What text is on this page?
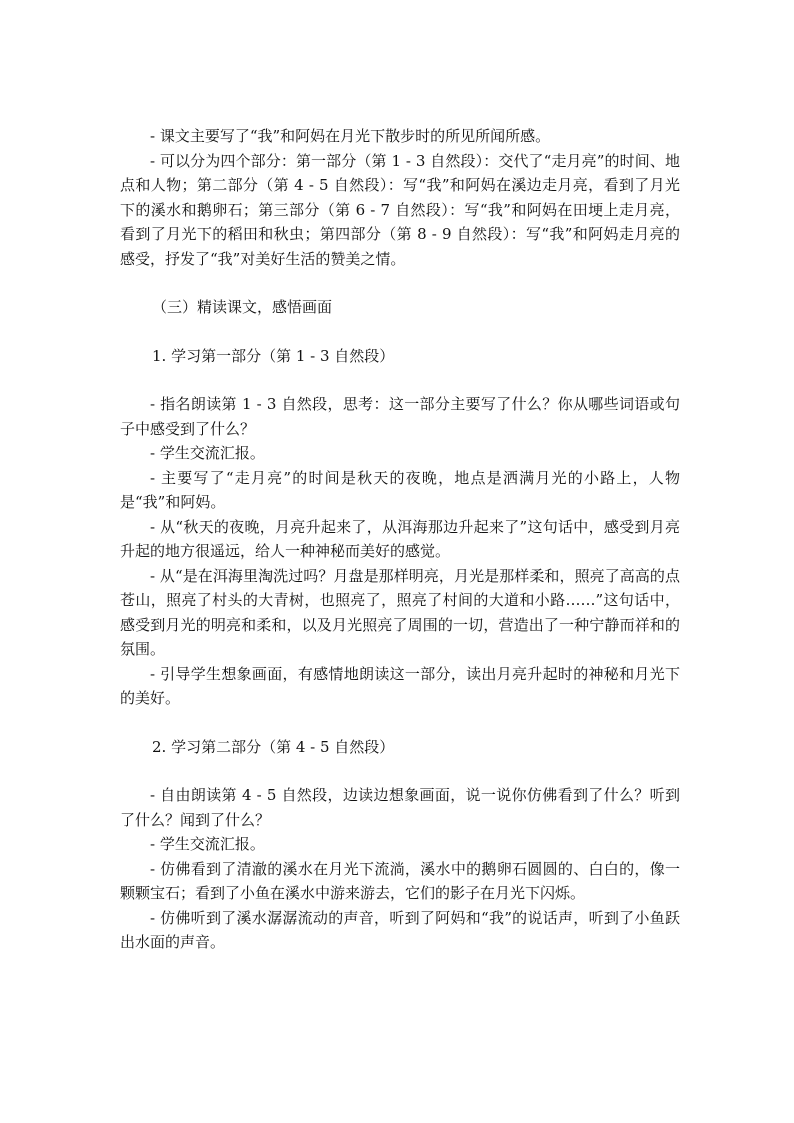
- 课文主要写了“我”和阿妈在月光下散步时的所见所闻所感。

- 可以分为四个部分：第一部分（第 1 - 3 自然段）：交代了“走月亮”的时间、地点和人物；第二部分（第 4 - 5 自然段）：写“我”和阿妈在溪边走月亮，看到了月光下的溪水和鹅卵石；第三部分（第 6 - 7 自然段）：写“我”和阿妈在田埂上走月亮，看到了月光下的稻田和秋虫；第四部分（第 8 - 9 自然段）：写“我”和阿妈走月亮的感受，抒发了“我”对美好生活的赞美之情。

（三）精读课文，感悟画面

1. 学习第一部分（第 1 - 3 自然段）

- 指名朗读第 1 - 3 自然段，思考：这一部分主要写了什么？你从哪些词语或句子中感受到了什么？

- 学生交流汇报。

- 主要写了“走月亮”的时间是秋天的夜晚，地点是洒满月光的小路上，人物是“我”和阿妈。

- 从“秋天的夜晚，月亮升起来了，从洱海那边升起来了”这句话中，感受到月亮升起的地方很遥远，给人一种神秘而美好的感觉。

- 从“是在洱海里淘洗过吗？月盘是那样明亮，月光是那样柔和，照亮了高高的点苍山，照亮了村头的大青树，也照亮了，照亮了村间的大道和小路……”这句话中，感受到月光的明亮和柔和，以及月光照亮了周围的一切，营造出了一种宁静而祥和的氛围。

- 引导学生想象画面，有感情地朗读这一部分，读出月亮升起时的神秘和月光下的美好。

2. 学习第二部分（第 4 - 5 自然段）

- 自由朗读第 4 - 5 自然段，边读边想象画面，说一说你仿佛看到了什么？听到了什么？闻到了什么？

- 学生交流汇报。

- 仿佛看到了清澈的溪水在月光下流淌，溪水中的鹅卵石圆圆的、白白的，像一颗颗宝石；看到了小鱼在溪水中游来游去，它们的影子在月光下闪烁。

- 仿佛听到了溪水潺潺流动的声音，听到了阿妈和“我”的说话声，听到了小鱼跃出水面的声音。
